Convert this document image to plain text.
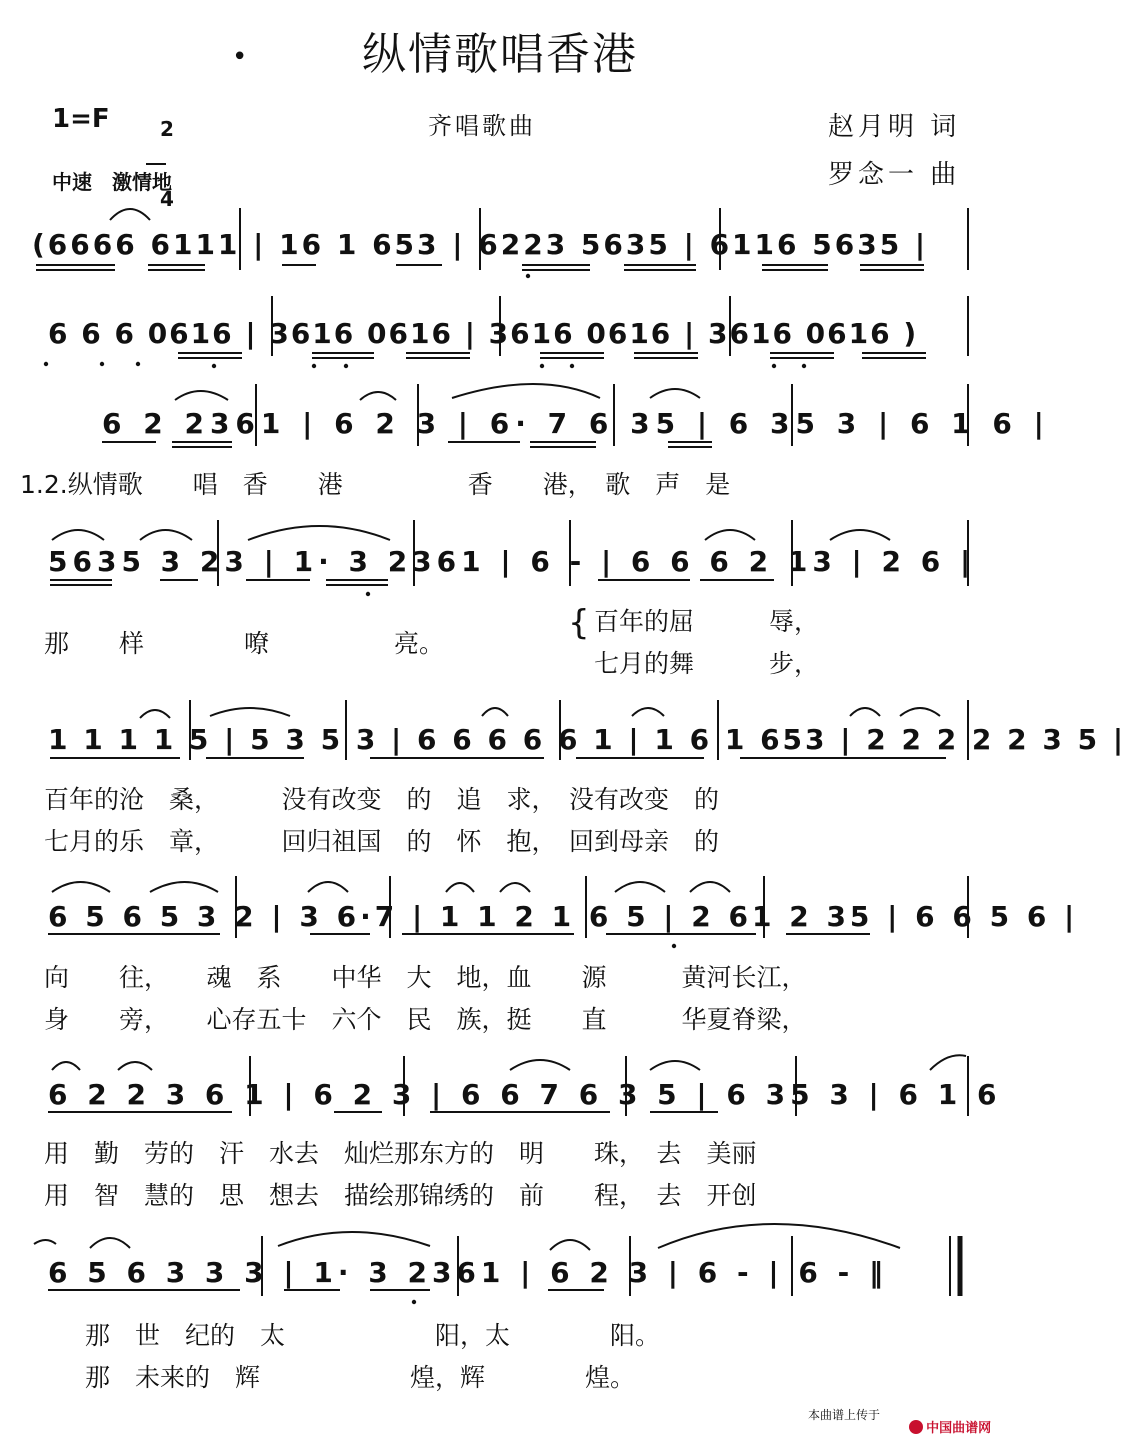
纵情歌唱香港
•
1=F	2

4

齐唱歌曲	赵月明 词
罗念一 曲
中速　激情地
(6666 6111 | 16 1 653 | 6223 5635 | 6116 5635 |
6 6 6 0616 | 3616 0616 | 3616 0616 | 3616 0616 )
6 2 2361 | 6 2 3 | 6· 7 6 35 | 6 35 3 | 6 1 6 |
1.2.纵情歌　　唱　香　　港　　　　　香　　港，　歌　声　是
5635 3 23 | 1· 3 2361 | 6 - | 6 6 6 2 13 | 2 6 |
那　　样　　　　嘹　　　　　亮。
{ 百年的屈　　　辱，
七月的舞　　　步，
1 1 1 1 5 | 5 3 5 3 | 6 6 6 6 6 1 | 1 6 1 653 | 2 2 2 2 2 3 5 |
百年的沧　桑，　　　没有改变　的　追　求，　没有改变　的
七月的乐　章，　　　回归祖国　的　怀　抱，　回到母亲　的
6 5 6 5 3 2 | 3 6·7 | 1 1 2 1 6 5 | 2 61 2 35 | 6 6 5 6 |
向　　往，　　魂　系　　中华　大　地，血　　源　　　黄河长江，
身　　旁，　　心存五十　六个　民　族，挺　　直　　　华夏脊梁，
6 2 2 3 6 1 | 6 2 3 | 6 6 7 6 3 5 | 6 35 3 | 6 1 6
用　勤　劳的　汗　水去　灿烂那东方的　明　　珠，　去　美丽
用　智　慧的　思　想去　描绘那锦绣的　前　　程，　去　开创
6 5 6 3 3 3 | 1· 3 2361 | 6 2 3 | 6 - | 6 - ‖
　那　世　纪的　太　　　　　　阳，太　　　　阳。
　那　未来的　辉　　　　　　煌，辉　　　　煌。
本曲谱上传于

中国曲谱网
